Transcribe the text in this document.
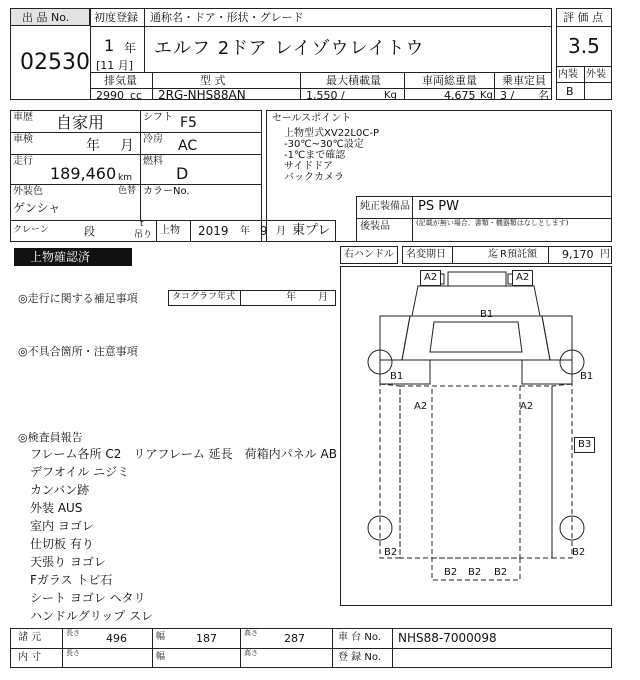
出 品 No.
02530
初度登録 通称名・ドア・形状・グレード
1 年
[11 月]
エルフ 2ドア レイゾウレイトウ
排気量	型 式	最大積載量	車両総重量 乗車定員
2990 cc 2RG-NHS88AN	1,550 /	Kg	4,675 Kg 3 / 名
評 価 点
3.5
内装 外装
B
車歴 自家用	シフト F5
車検	年 月 冷房 AC
走行
189,460 km
燃料
D
外装色
ゲンシャ
色替 カラーNo.
クレーン	段
t
吊り 上物 2019 年 9 月 東プレ
セールスポイント
上物型式XV22L0C-P
-30℃~30℃設定
-1℃まで確認
サイドドア
バックカメラ
純正装備品 PS PW
後装品	(記載が無い場合、書類・機器類はなしとします)
上物確認済	右ハンドル 名変期日	迄 R預託額 9,170 円
◎走行に関する補足事項	タコグラフ年式	年 月
◎不具合箇所・注意事項
◎検査員報告
フレーム各所 C2　リアフレーム 延長　荷箱内パネル AB
デフオイル ニジミ
カンバン跡
外装 AUS
室内 ヨゴレ
仕切板 有り
天張り ヨゴレ
Fガラス トビ石
シート ヨゴレ ヘタリ
ハンドルグリップ スレ
A2	A2
B1
B1	B1
A2	A2
B3
B2	B2
B2 B2 B2
諸 元	長さ 496	幅	187	高さ 287	車 台 No. NHS88-7000098
内 寸	長さ	幅	高さ	登 録 No.
